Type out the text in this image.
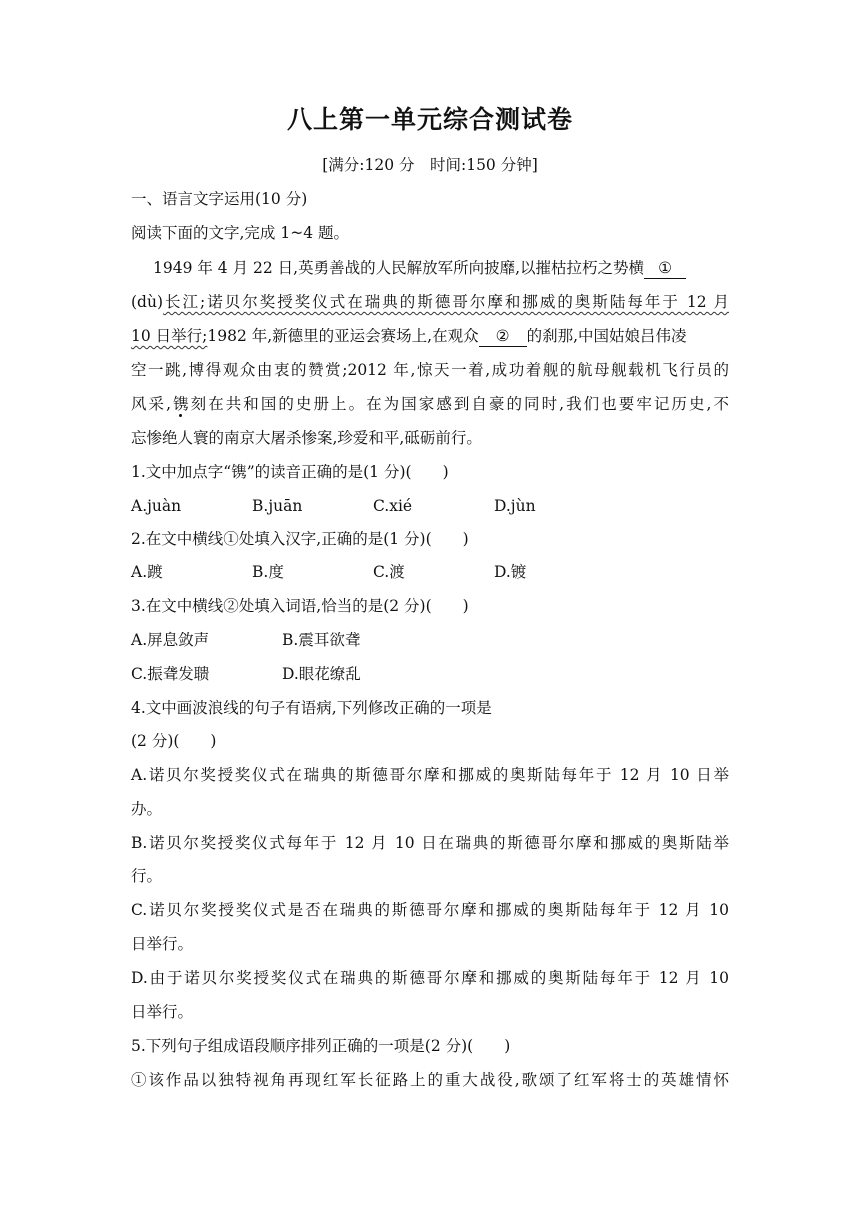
八上第一单元综合测试卷
[满分:120 分　时间:150 分钟]
一、语言文字运用(10 分)
阅读下面的文字,完成 1~4 题。
1949 年 4 月 22 日,英勇善战的人民解放军所向披靡,以摧枯拉朽之势横 ①
(dù)长江;诺贝尔奖授奖仪式在瑞典的斯德哥尔摩和挪威的奥斯陆每年于 12 月
10 日举行;1982 年,新德里的亚运会赛场上,在观众 ② 的刹那,中国姑娘吕伟凌
空一跳,博得观众由衷的赞赏;2012 年,惊天一着,成功着舰的航母舰载机飞行员的
风采,镌刻在共和国的史册上。在为国家感到自豪的同时,我们也要牢记历史,不
忘惨绝人寰的南京大屠杀惨案,珍爱和平,砥砺前行。
1.文中加点字“镌”的读音正确的是(1 分)(　　)
A.juàn	B.juān	C.xié	D.jùn
2.在文中横线①处填入汉字,正确的是(1 分)(　　)
A.踱	B.度	C.渡	D.镀
3.在文中横线②处填入词语,恰当的是(2 分)(　　)
A.屏息敛声	B.震耳欲聋
C.振聋发聩	D.眼花缭乱
4.文中画波浪线的句子有语病,下列修改正确的一项是
(2 分)(　　)
A.诺贝尔奖授奖仪式在瑞典的斯德哥尔摩和挪威的奥斯陆每年于 12 月 10 日举
办。
B.诺贝尔奖授奖仪式每年于 12 月 10 日在瑞典的斯德哥尔摩和挪威的奥斯陆举
行。
C.诺贝尔奖授奖仪式是否在瑞典的斯德哥尔摩和挪威的奥斯陆每年于 12 月 10
日举行。
D.由于诺贝尔奖授奖仪式在瑞典的斯德哥尔摩和挪威的奥斯陆每年于 12 月 10
日举行。
5.下列句子组成语段顺序排列正确的一项是(2 分)(　　)
①该作品以独特视角再现红军长征路上的重大战役,歌颂了红军将士的英雄情怀
